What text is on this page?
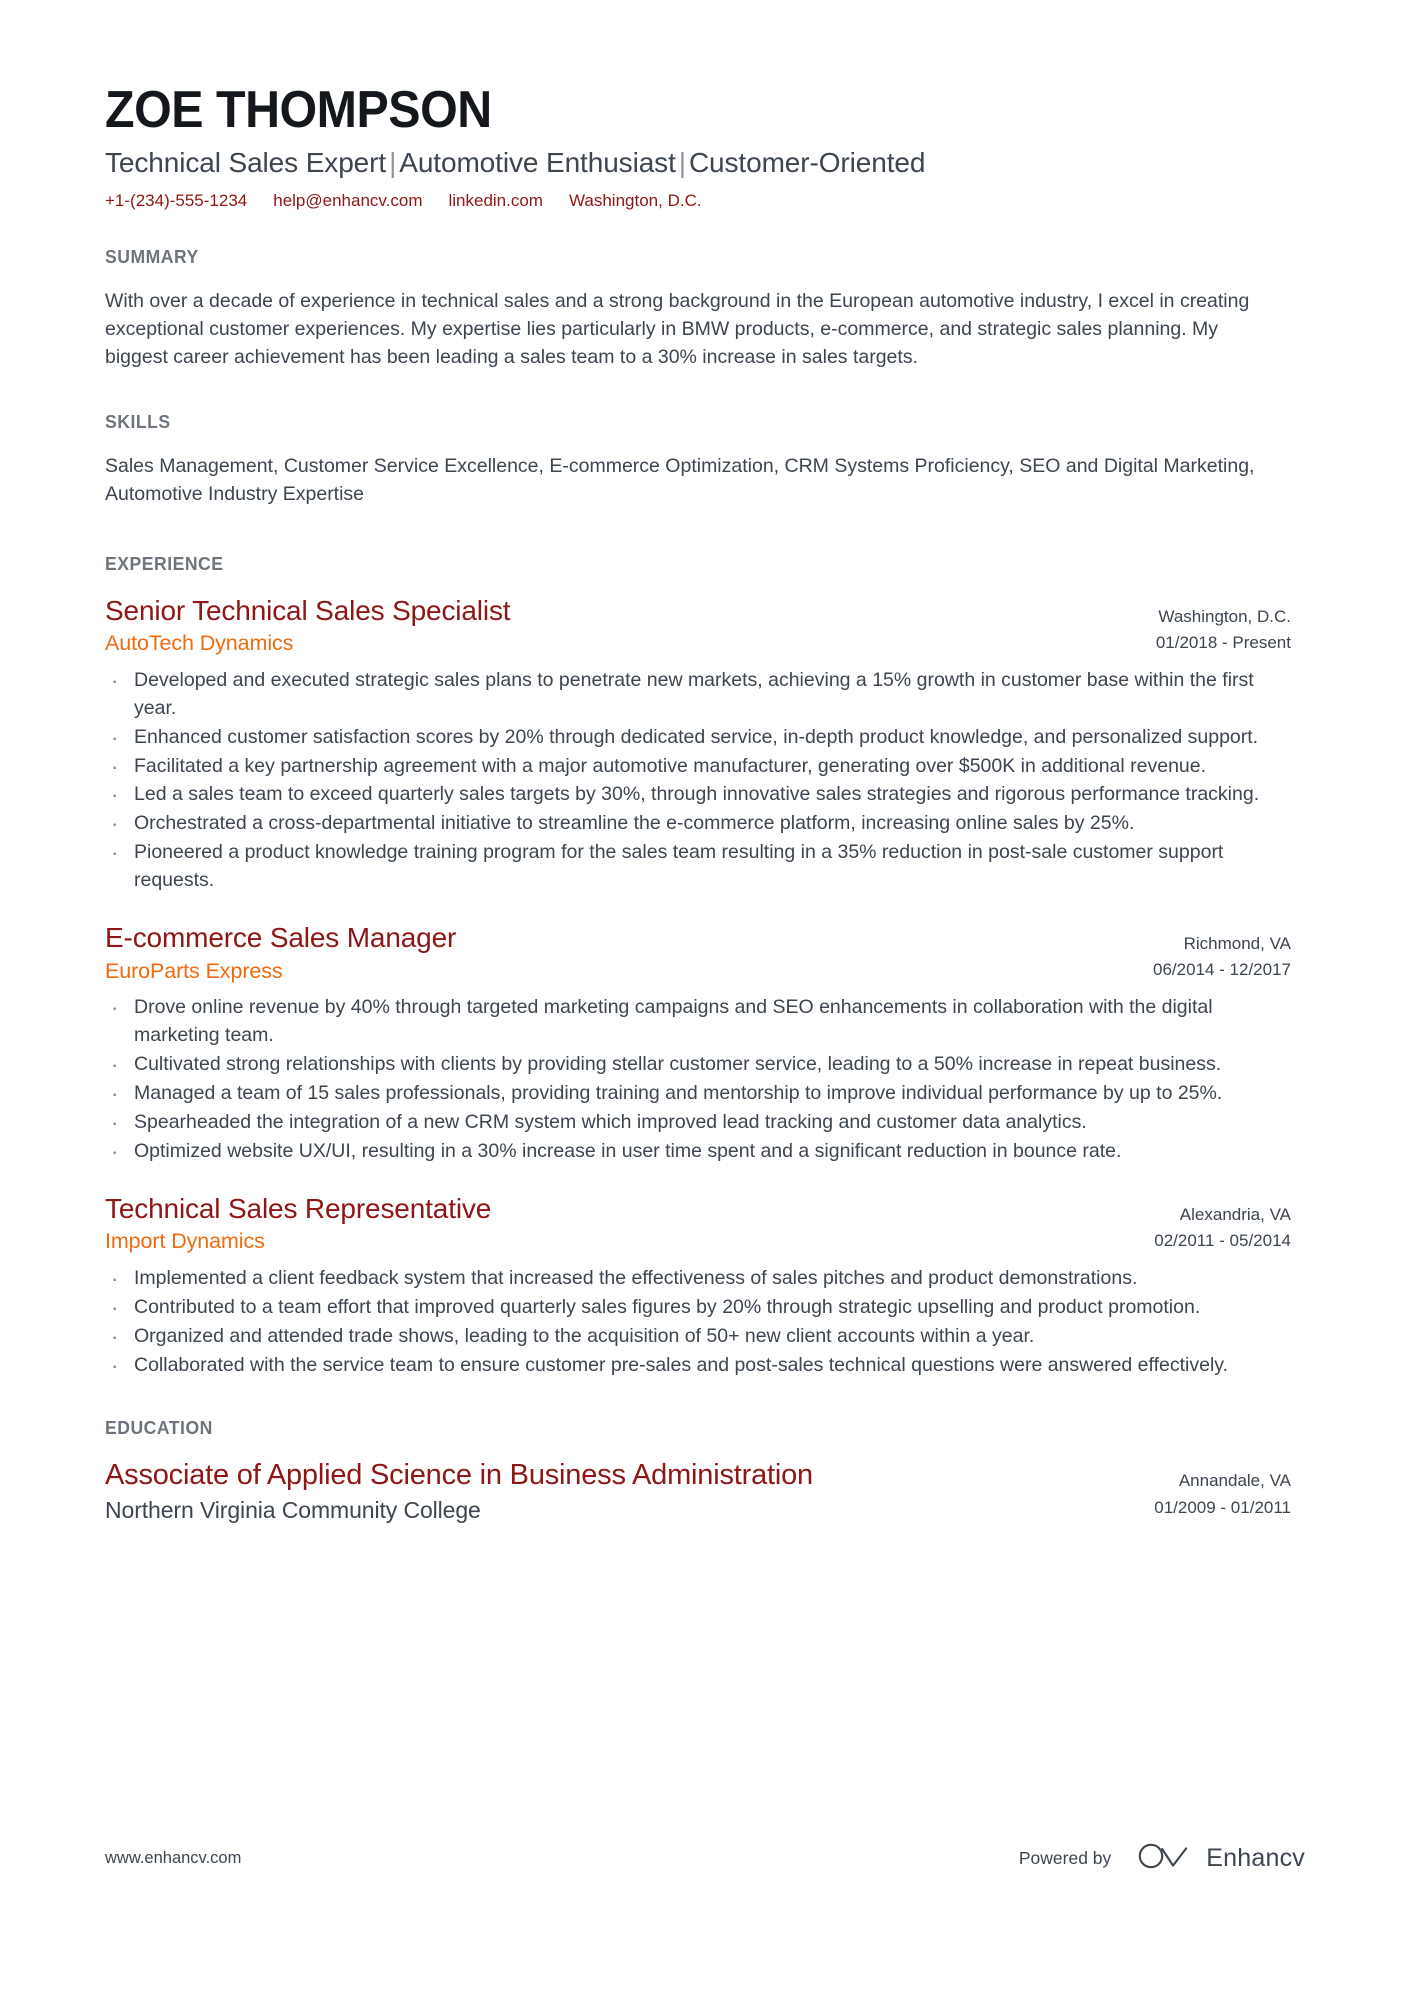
ZOE THOMPSON
Technical Sales Expert | Automotive Enthusiast | Customer-Oriented
+1-(234)-555-1234 help@enhancv.com linkedin.com Washington, D.C.
SUMMARY

With over a decade of experience in technical sales and a strong background in the European automotive industry, I excel in creating exceptional customer experiences. My expertise lies particularly in BMW products, e-commerce, and strategic sales planning. My biggest career achievement has been leading a sales team to a 30% increase in sales targets.

SKILLS

Sales Management, Customer Service Excellence, E-commerce Optimization, CRM Systems Proficiency, SEO and Digital Marketing, Automotive Industry Expertise

EXPERIENCE
Senior Technical Sales Specialist
AutoTech Dynamics
Washington, D.C.
01/2018 - Present
· Developed and executed strategic sales plans to penetrate new markets, achieving a 15% growth in customer base within the first year.
· Enhanced customer satisfaction scores by 20% through dedicated service, in-depth product knowledge, and personalized support.
· Facilitated a key partnership agreement with a major automotive manufacturer, generating over $500K in additional revenue.
· Led a sales team to exceed quarterly sales targets by 30%, through innovative sales strategies and rigorous performance tracking.
· Orchestrated a cross-departmental initiative to streamline the e-commerce platform, increasing online sales by 25%.
· Pioneered a product knowledge training program for the sales team resulting in a 35% reduction in post-sale customer support requests.
E-commerce Sales Manager
EuroParts Express
Richmond, VA
06/2014 - 12/2017
· Drove online revenue by 40% through targeted marketing campaigns and SEO enhancements in collaboration with the digital marketing team.
· Cultivated strong relationships with clients by providing stellar customer service, leading to a 50% increase in repeat business.
· Managed a team of 15 sales professionals, providing training and mentorship to improve individual performance by up to 25%.
· Spearheaded the integration of a new CRM system which improved lead tracking and customer data analytics.
· Optimized website UX/UI, resulting in a 30% increase in user time spent and a significant reduction in bounce rate.
Technical Sales Representative
Import Dynamics
Alexandria, VA
02/2011 - 05/2014
· Implemented a client feedback system that increased the effectiveness of sales pitches and product demonstrations.
· Contributed to a team effort that improved quarterly sales figures by 20% through strategic upselling and product promotion.
· Organized and attended trade shows, leading to the acquisition of 50+ new client accounts within a year.
· Collaborated with the service team to ensure customer pre-sales and post-sales technical questions were answered effectively.
EDUCATION
Associate of Applied Science in Business Administration
Northern Virginia Community College
Annandale, VA
01/2009 - 01/2011
www.enhancv.com	Powered by	Enhancv
